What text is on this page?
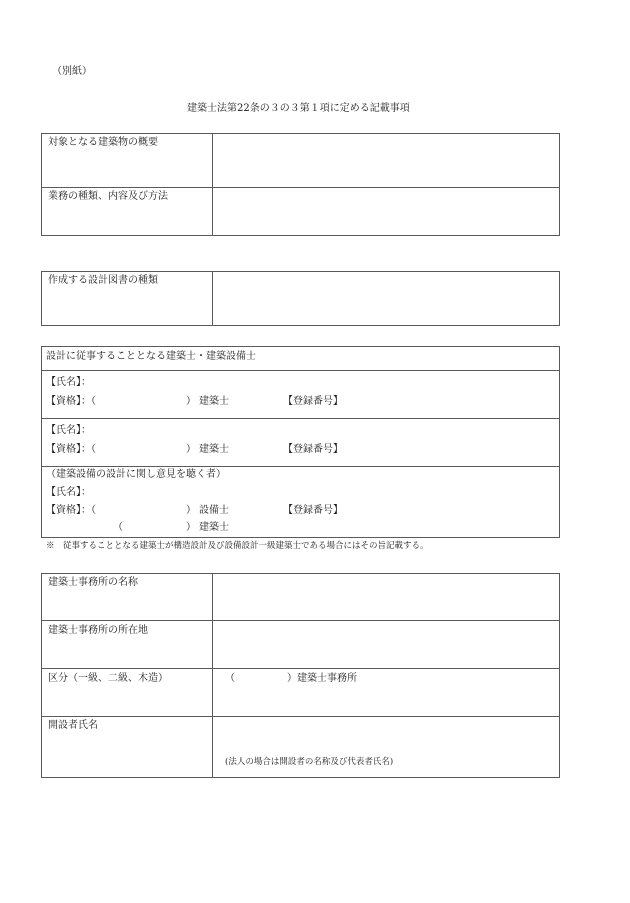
（別紙）
建築士法第22条の３の３第１項に定める記載事項
対象となる建築物の概要
業務の種類、内容及び方法
作成する設計図書の種類
設計に従事することとなる建築士・建築設備士
【氏名】：
【資格】：（	） 建築士	【登録番号】
【氏名】：
【資格】：（	） 建築士	【登録番号】
（建築設備の設計に関し意見を聴く者）
【氏名】：
【資格】：（	） 設備士	【登録番号】
（	） 建築士
※　従事することとなる建築士が構造設計及び設備設計一級建築士である場合にはその旨記載する。
建築士事務所の名称
建築士事務所の所在地
区分（一級、二級、木造）	（	）建築士事務所
開設者氏名
(法人の場合は開設者の名称及び代表者氏名)
